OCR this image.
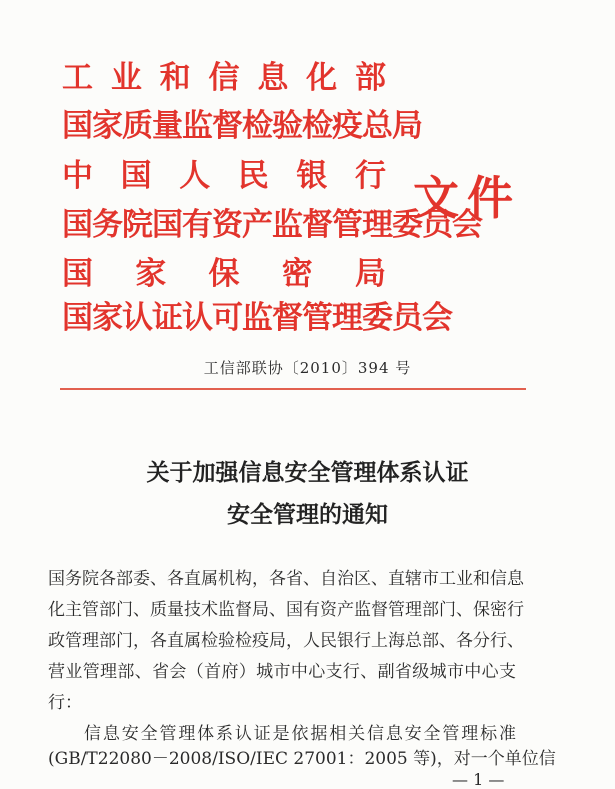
工业和信息化部
国家质量监督检验检疫总局
中国人民银行
国务院国有资产监督管理委员会
国家保密局
国家认证认可监督管理委员会
文件
工信部联协〔2010〕394 号
关于加强信息安全管理体系认证
安全管理的通知
国务院各部委、各直属机构，各省、自治区、直辖市工业和信息
化主管部门、质量技术监督局、国有资产监督管理部门、保密行
政管理部门，各直属检验检疫局，人民银行上海总部、各分行、
营业管理部、省会（首府）城市中心支行、副省级城市中心支
行：
信息安全管理体系认证是依据相关信息安全管理标准
(GB/T22080－2008/ISO/IEC 27001：2005 等)，对一个单位信
— 1 —
